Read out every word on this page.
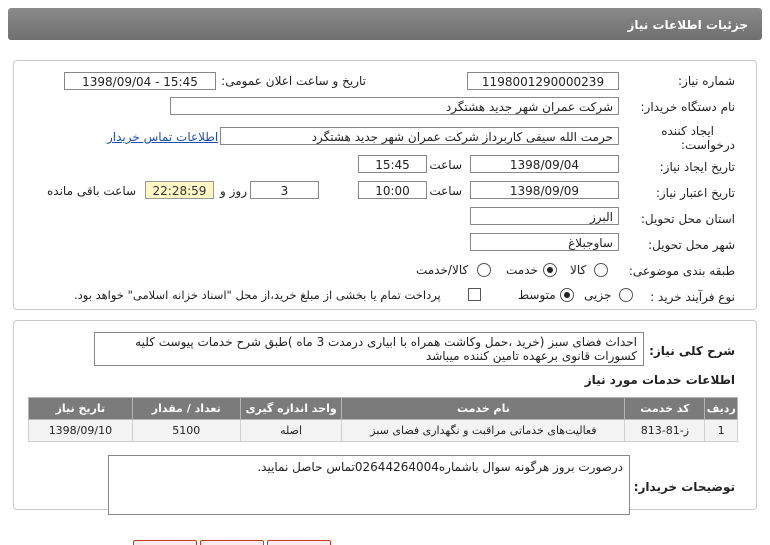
جزئیات اطلاعات نیاز
شماره نیاز:
1198001290000239
تاریخ و ساعت اعلان عمومی:
1398/09/04 - 15:45
نام دستگاه خریدار:
شرکت عمران شهر جدید هشتگرد
ایجاد کننده
درخواست:
حرمت الله سیفی کاربرداز شرکت عمران شهر جدید هشتگرد
اطلاعات تماس خریدار
تاریخ ایجاد نیاز:
1398/09/04
ساعت
15:45
تاریخ اعتبار نیاز:
1398/09/09
ساعت
10:00
3
روز و
22:28:59
ساعت باقی مانده
استان محل تحویل:
البرز
شهر محل تحویل:
ساوجبلاغ
طبقه بندی موضوعی:
کالا
خدمت
کالا/خدمت
نوع فرآیند خرید :
جزیی
متوسط
پرداخت تمام یا بخشی از مبلغ خرید،از محل "اسناد خزانه اسلامی" خواهد بود.
شرح کلی نیاز:
احداث فضای سبز (خرید ،حمل وکاشت همراه با ابیاری درمدت 3 ماه )طبق شرح خدمات پیوست کلیه کسورات قانوی برعهده تامین کننده میباشد
اطلاعات خدمات مورد نیاز
ردیف	کد خدمت	نام خدمت	واحد اندازه گیری	تعداد / مقدار	تاریخ نیاز
1	ز-81-813	فعالیت‌های خدماتی مراقبت و نگهداری فضای سبز	اصله	5100	1398/09/10
توضیحات خریدار:
درصورت بروز هرگونه سوال باشماره02644264004تماس حاصل نمایید.
